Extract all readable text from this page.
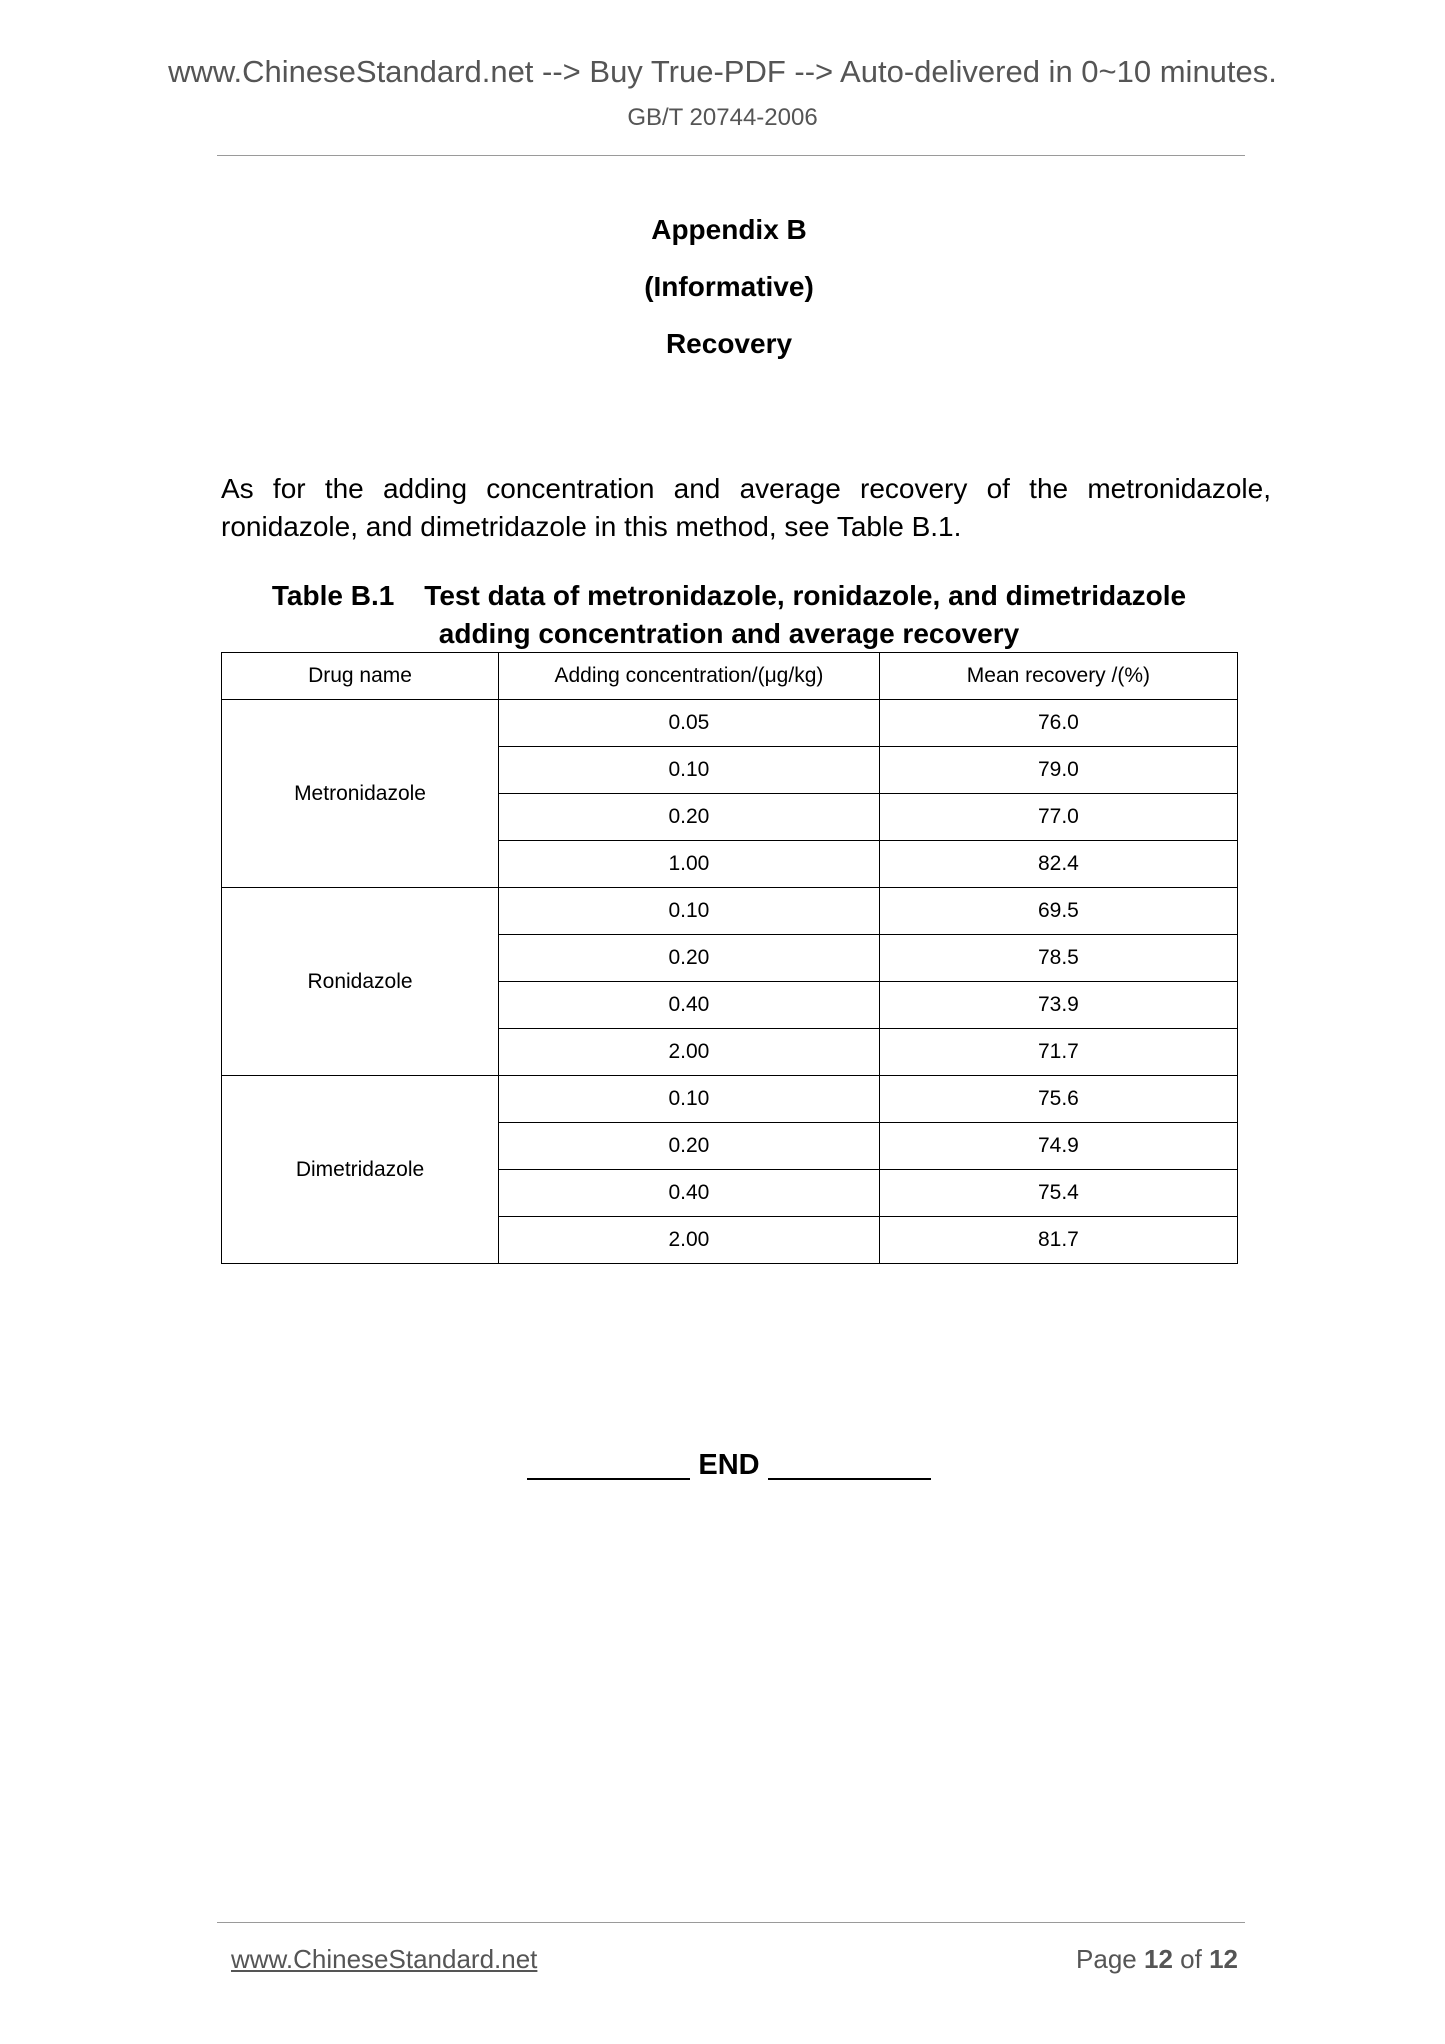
www.ChineseStandard.net --> Buy True-PDF --> Auto-delivered in 0~10 minutes.
GB/T 20744-2006
Appendix B
(Informative)
Recovery
As for the adding concentration and average recovery of the metronidazole, ronidazole, and dimetridazole in this method, see Table B.1.
Table B.1 Test data of metronidazole, ronidazole, and dimetridazole
adding concentration and average recovery
Drug name	Adding concentration/(μg/kg)	Mean recovery /(%)
Metronidazole	0.05	76.0
	0.10	79.0
	0.20	77.0
	1.00	82.4
Ronidazole	0.10	69.5
	0.20	78.5
	0.40	73.9
	2.00	71.7
Dimetridazole	0.10	75.6
	0.20	74.9
	0.40	75.4
	2.00	81.7
END
www.ChineseStandard.net	Page 12 of 12
